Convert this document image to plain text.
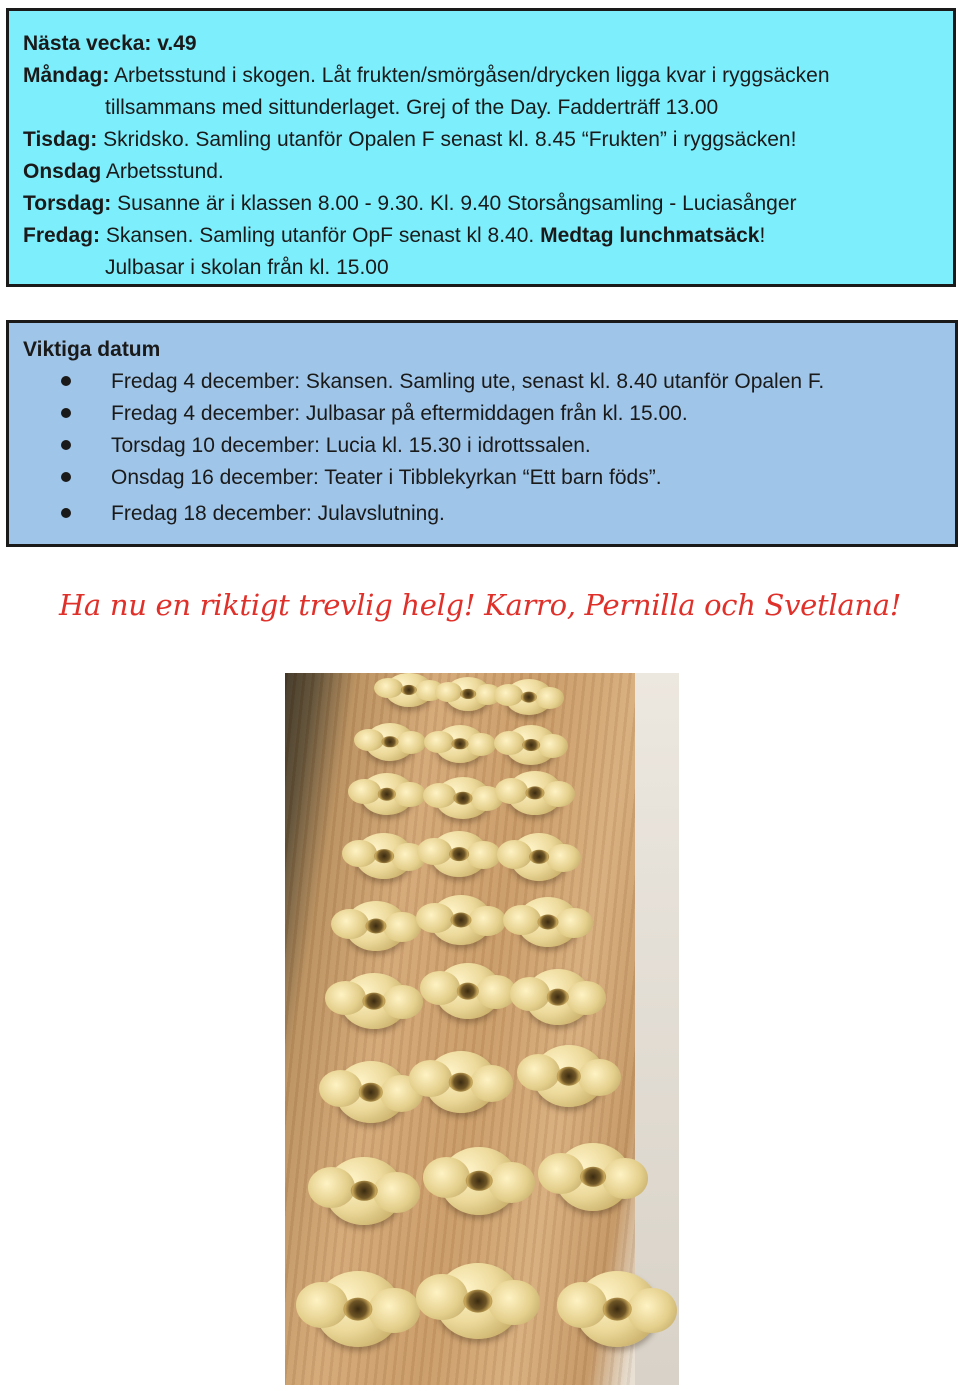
Nästa vecka: v.49
Måndag: Arbetsstund i skogen. Låt frukten/smörgåsen/drycken ligga kvar i ryggsäcken
tillsammans med sittunderlaget. Grej of the Day. Fadderträff 13.00
Tisdag: Skridsko. Samling utanför Opalen F senast kl. 8.45 “Frukten” i ryggsäcken!
Onsdag Arbetsstund.
Torsdag: Susanne är i klassen 8.00 - 9.30. Kl. 9.40 Storsångsamling - Luciasånger
Fredag: Skansen. Samling utanför OpF senast kl 8.40. Medtag lunchmatsäck!
Julbasar i skolan från kl. 15.00
Viktiga datum
Fredag 4 december: Skansen. Samling ute, senast kl. 8.40 utanför Opalen F.
Fredag 4 december: Julbasar på eftermiddagen från kl. 15.00.
Torsdag 10 december: Lucia kl. 15.30 i idrottssalen.
Onsdag 16 december: Teater i Tibblekyrkan “Ett barn föds”.
Fredag 18 december: Julavslutning.
Ha nu en riktigt trevlig helg! Karro, Pernilla och Svetlana!
